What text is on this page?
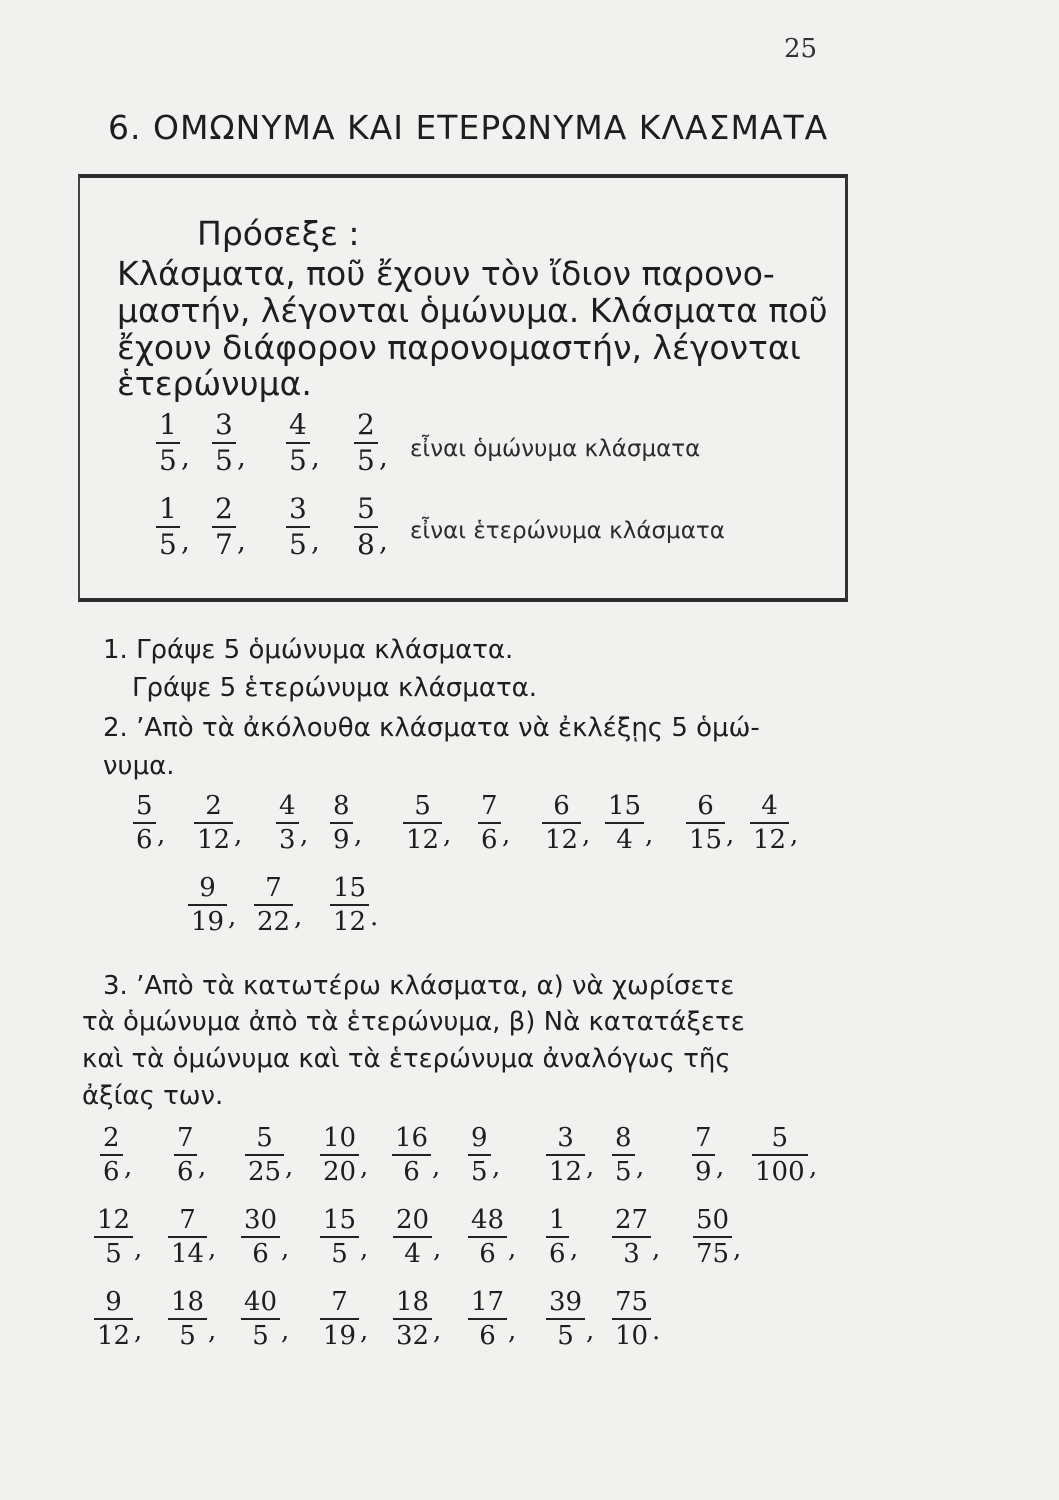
25
6. ΟΜΩΝΥΜΑ ΚΑΙ ΕΤΕΡΩΝΥΜΑ ΚΛΑΣΜΑΤΑ
Πρόσεξε :
Κλάσματα, ποῦ ἔχουν τὸν ἴδιον παρονο-
μαστήν, λέγονται ὁμώνυμα. Κλάσματα ποῦ
ἔχουν διάφορον παρονομαστήν, λέγονται
ἑτερώνυμα.
1
5 ,
3
5 ,
4
5 ,
2
5 , εἶναι ὁμώνυμα κλάσματα
1
5 ,
2
7 ,
3
5 ,
5
8 , εἶναι ἑτερώνυμα κλάσματα
1. Γράψε 5 ὁμώνυμα κλάσματα.
Γράψε 5 ἑτερώνυμα κλάσματα.
2. ’Απὸ τὰ ἀκόλουθα κλάσματα νὰ ἐκλέξῃς 5 ὁμώ-
νυμα.
5
6 ,
2
12 ,
4
3 ,
8
9 ,
5
12 ,
7
6 ,
6
12 ,
15
4 ,
6
15 ,
4
12 ,
9
19 ,
7
22 ,
15
12 .
3. ’Απὸ τὰ κατωτέρω κλάσματα, α) νὰ χωρίσετε
τὰ ὁμώνυμα ἀπὸ τὰ ἑτερώνυμα, β) Νὰ κατατάξετε
καὶ τὰ ὁμώνυμα καὶ τὰ ἑτερώνυμα ἀναλόγως τῆς
ἀξίας των.
2
6 ,
7
6 ,
5
25 ,
10
20 ,
16
6 ,
9
5 ,
3
12 ,
8
5 ,
7
9 ,
5
100 ,
12
5 ,
7
14 ,
30
6 ,
15
5 ,
20
4 ,
48
6 ,
1
6 ,
27
3 ,
50
75 ,
9
12 ,
18
5 ,
40
5 ,
7
19 ,
18
32 ,
17
6 ,
39
5 ,
75
10 .
